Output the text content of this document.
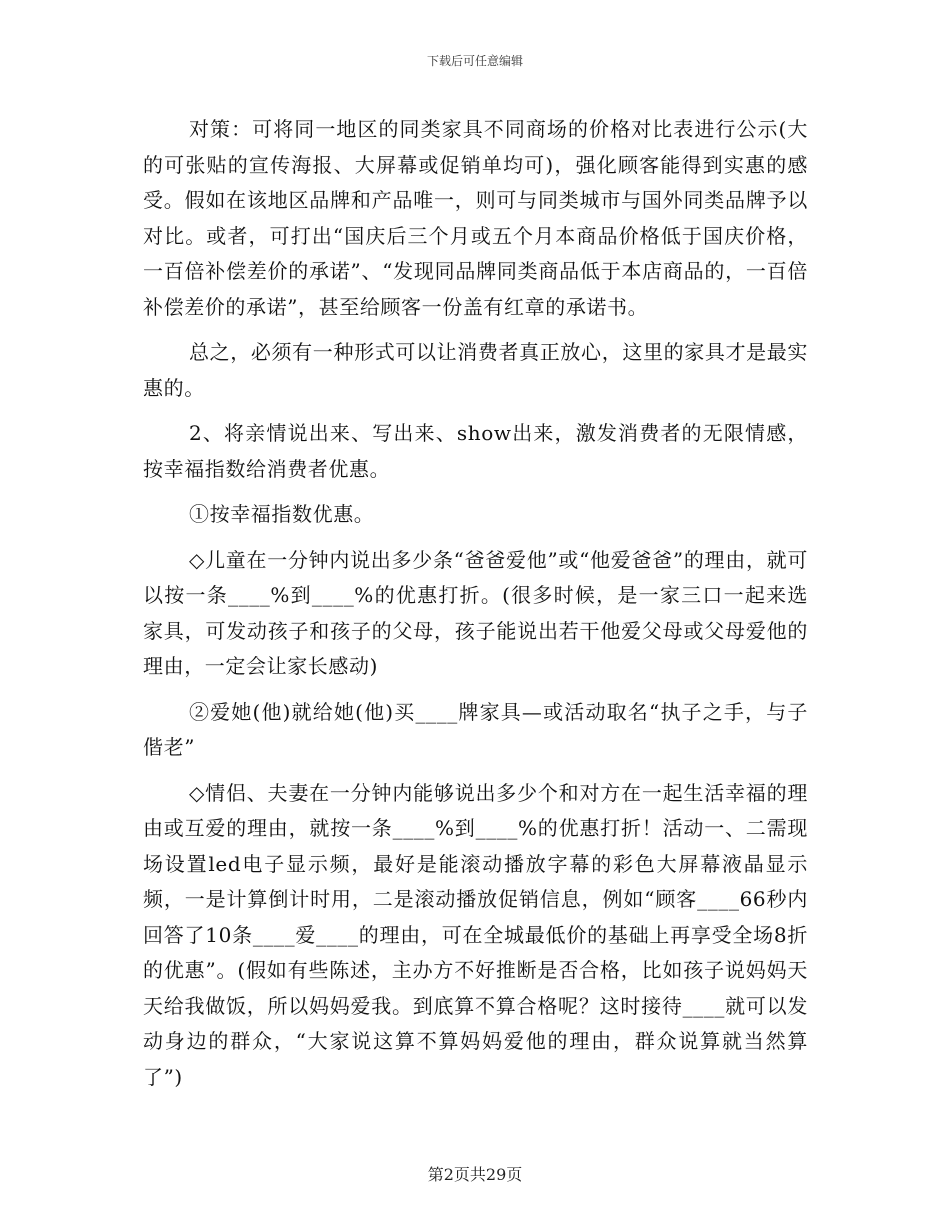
下载后可任意编辑

对策：可将同一地区的同类家具不同商场的价格对比表进行公示(大的可张贴的宣传海报、大屏幕或促销单均可)，强化顾客能得到实惠的感受。假如在该地区品牌和产品唯一，则可与同类城市与国外同类品牌予以对比。或者，可打出“国庆后三个月或五个月本商品价格低于国庆价格，一百倍补偿差价的承诺”、“发现同品牌同类商品低于本店商品的，一百倍补偿差价的承诺”，甚至给顾客一份盖有红章的承诺书。

总之，必须有一种形式可以让消费者真正放心，这里的家具才是最实惠的。

2、将亲情说出来、写出来、show出来，激发消费者的无限情感，按幸福指数给消费者优惠。

①按幸福指数优惠。

◇儿童在一分钟内说出多少条“爸爸爱他”或“他爱爸爸”的理由，就可以按一条____%到____%的优惠打折。(很多时候，是一家三口一起来选家具，可发动孩子和孩子的父母，孩子能说出若干他爱父母或父母爱他的理由，一定会让家长感动)

②爱她(他)就给她(他)买____牌家具—或活动取名“执子之手，与子偕老”

◇情侣、夫妻在一分钟内能够说出多少个和对方在一起生活幸福的理由或互爱的理由，就按一条____%到____%的优惠打折！活动一、二需现场设置led电子显示频，最好是能滚动播放字幕的彩色大屏幕液晶显示频，一是计算倒计时用，二是滚动播放促销信息，例如“顾客____66秒内回答了10条____爱____的理由，可在全城最低价的基础上再享受全场8折的优惠”。(假如有些陈述，主办方不好推断是否合格，比如孩子说妈妈天天给我做饭，所以妈妈爱我。到底算不算合格呢？这时接待____就可以发动身边的群众，“大家说这算不算妈妈爱他的理由，群众说算就当然算了”)

第2页共29页
